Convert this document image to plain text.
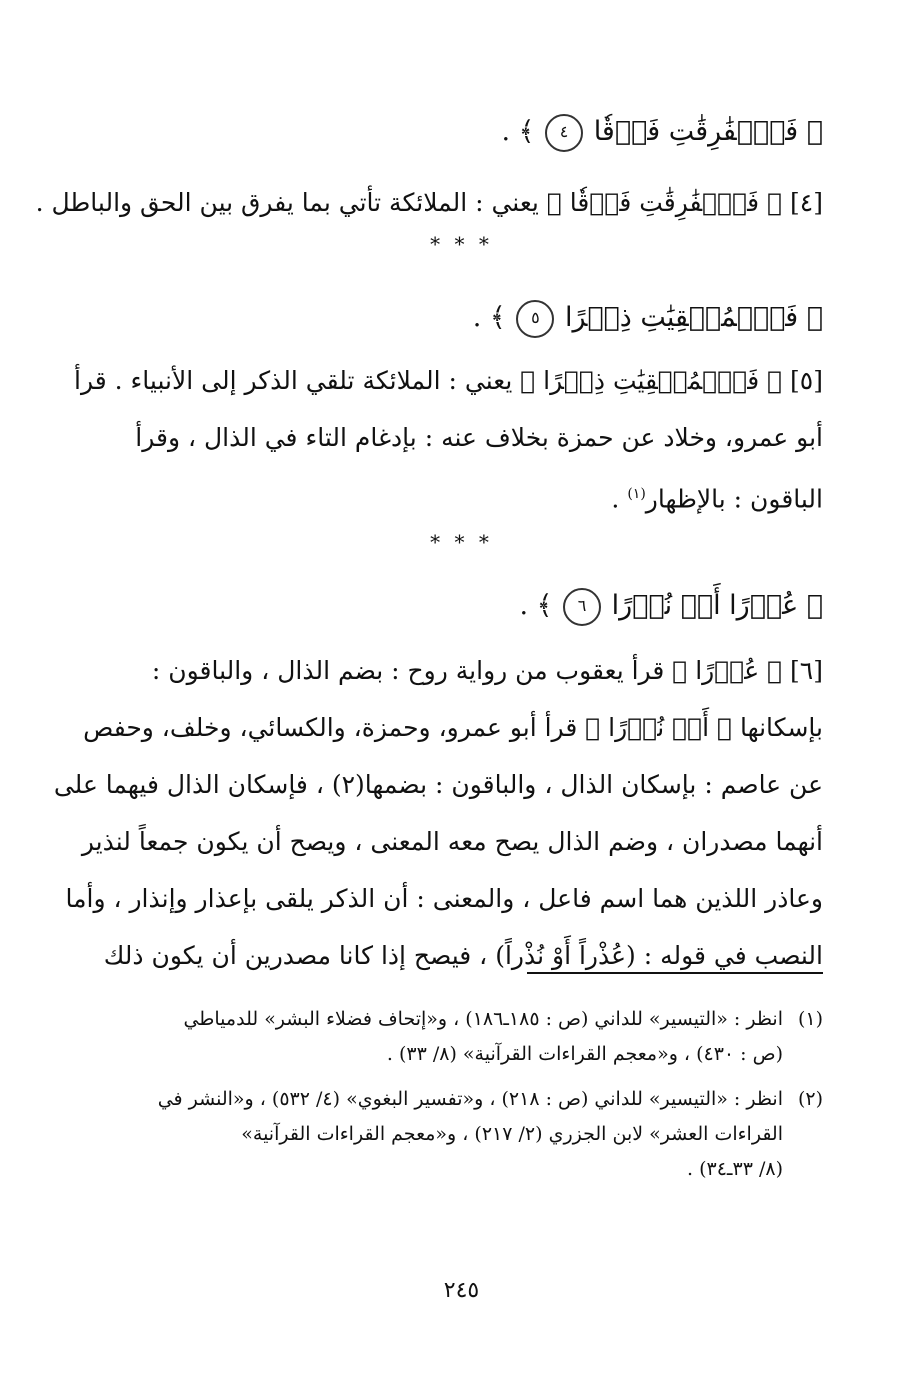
﴿ فَٱلۡفَٰرِقَٰتِ فَرۡقٗا ٤ ﴾ .
[٤] ﴿ فَٱلۡفَٰرِقَٰتِ فَرۡقٗا ﴾ يعني : الملائكة تأتي بما يفرق بين الحق والباطل .
* * *
﴿ فَٱلۡمُلۡقِيَٰتِ ذِكۡرًا ٥ ﴾ .
[٥] ﴿ فَٱلۡمُلۡقِيَٰتِ ذِكۡرًا ﴾ يعني : الملائكة تلقي الذكر إلى الأنبياء . قرأ
أبو عمرو، وخلاد عن حمزة بخلاف عنه : بإدغام التاء في الذال ، وقرأ
الباقون : بالإظهار$^{(١)}$ .
* * *
﴿ عُذۡرًا أَوۡ نُذۡرًا ٦ ﴾ .
[٦] ﴿ عُذۡرًا ﴾ قرأ يعقوب من رواية روح : بضم الذال ، والباقون :
بإسكانها ﴿ أَوۡ نُذۡرًا ﴾ قرأ أبو عمرو، وحمزة، والكسائي، وخلف، وحفص
عن عاصم : بإسكان الذال ، والباقون : بضمها(٢) ، فإسكان الذال فيهما على
أنهما مصدران ، وضم الذال يصح معه المعنى ، ويصح أن يكون جمعاً لنذير
وعاذر اللذين هما اسم فاعل ، والمعنى : أن الذكر يلقى بإعذار وإنذار ، وأما
النصب في قوله : (عُذْراً أَوْ نُذْراً) ، فيصح إذا كانا مصدرين أن يكون ذلك
(١)انظر : «التيسير» للداني (ص : ١٨٥ـ١٨٦) ، و«إتحاف فضلاء البشر» للدمياطي
(ص : ٤٣٠) ، و«معجم القراءات القرآنية» (٨/ ٣٣) .
(٢)انظر : «التيسير» للداني (ص : ٢١٨) ، و«تفسير البغوي» (٤/ ٥٣٢) ، و«النشر في
القراءات العشر» لابن الجزري (٢/ ٢١٧) ، و«معجم القراءات القرآنية»
(٨/ ٣٣ـ٣٤) .
٢٤٥
